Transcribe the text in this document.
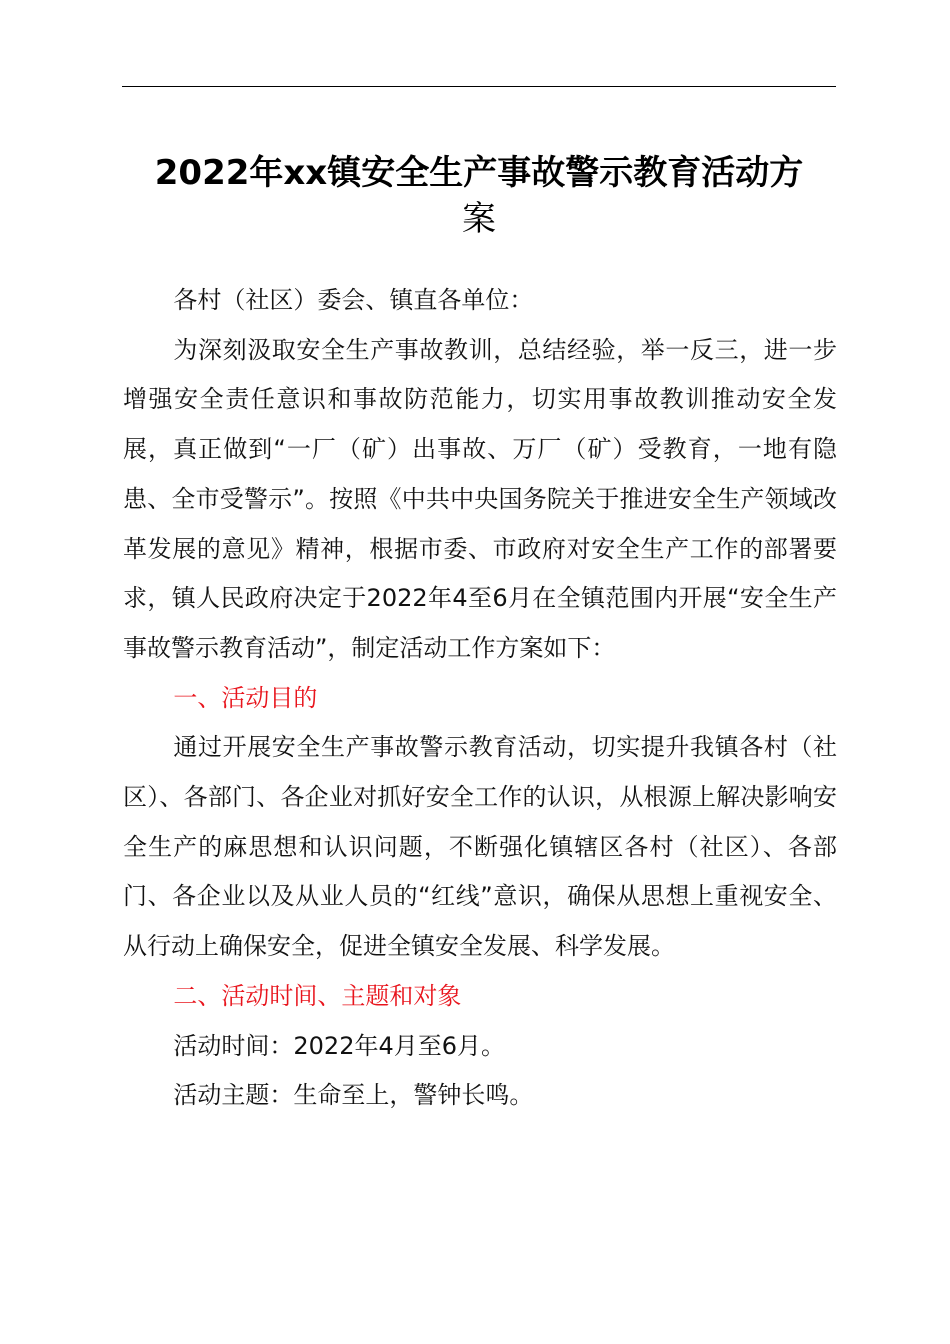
2022年xx镇安全生产事故警示教育活动方
案

各村（社区）委会、镇直各单位：

为深刻汲取安全生产事故教训，总结经验，举一反三，进一步增强安全责任意识和事故防范能力，切实用事故教训推动安全发展，真正做到“一厂（矿）出事故、万厂（矿）受教育，一地有隐患、全市受警示”。按照《中共中央国务院关于推进安全生产领域改革发展的意见》精神，根据市委、市政府对安全生产工作的部署要求，镇人民政府决定于2022年4至6月在全镇范围内开展“安全生产事故警示教育活动”，制定活动工作方案如下：

一、活动目的

通过开展安全生产事故警示教育活动，切实提升我镇各村（社区）、各部门、各企业对抓好安全工作的认识，从根源上解决影响安全生产的麻思想和认识问题，不断强化镇辖区各村（社区）、各部门、各企业以及从业人员的“红线”意识，确保从思想上重视安全、从行动上确保安全，促进全镇安全发展、科学发展。

二、活动时间、主题和对象

活动时间：2022年4月至6月。

活动主题：生命至上，警钟长鸣。
